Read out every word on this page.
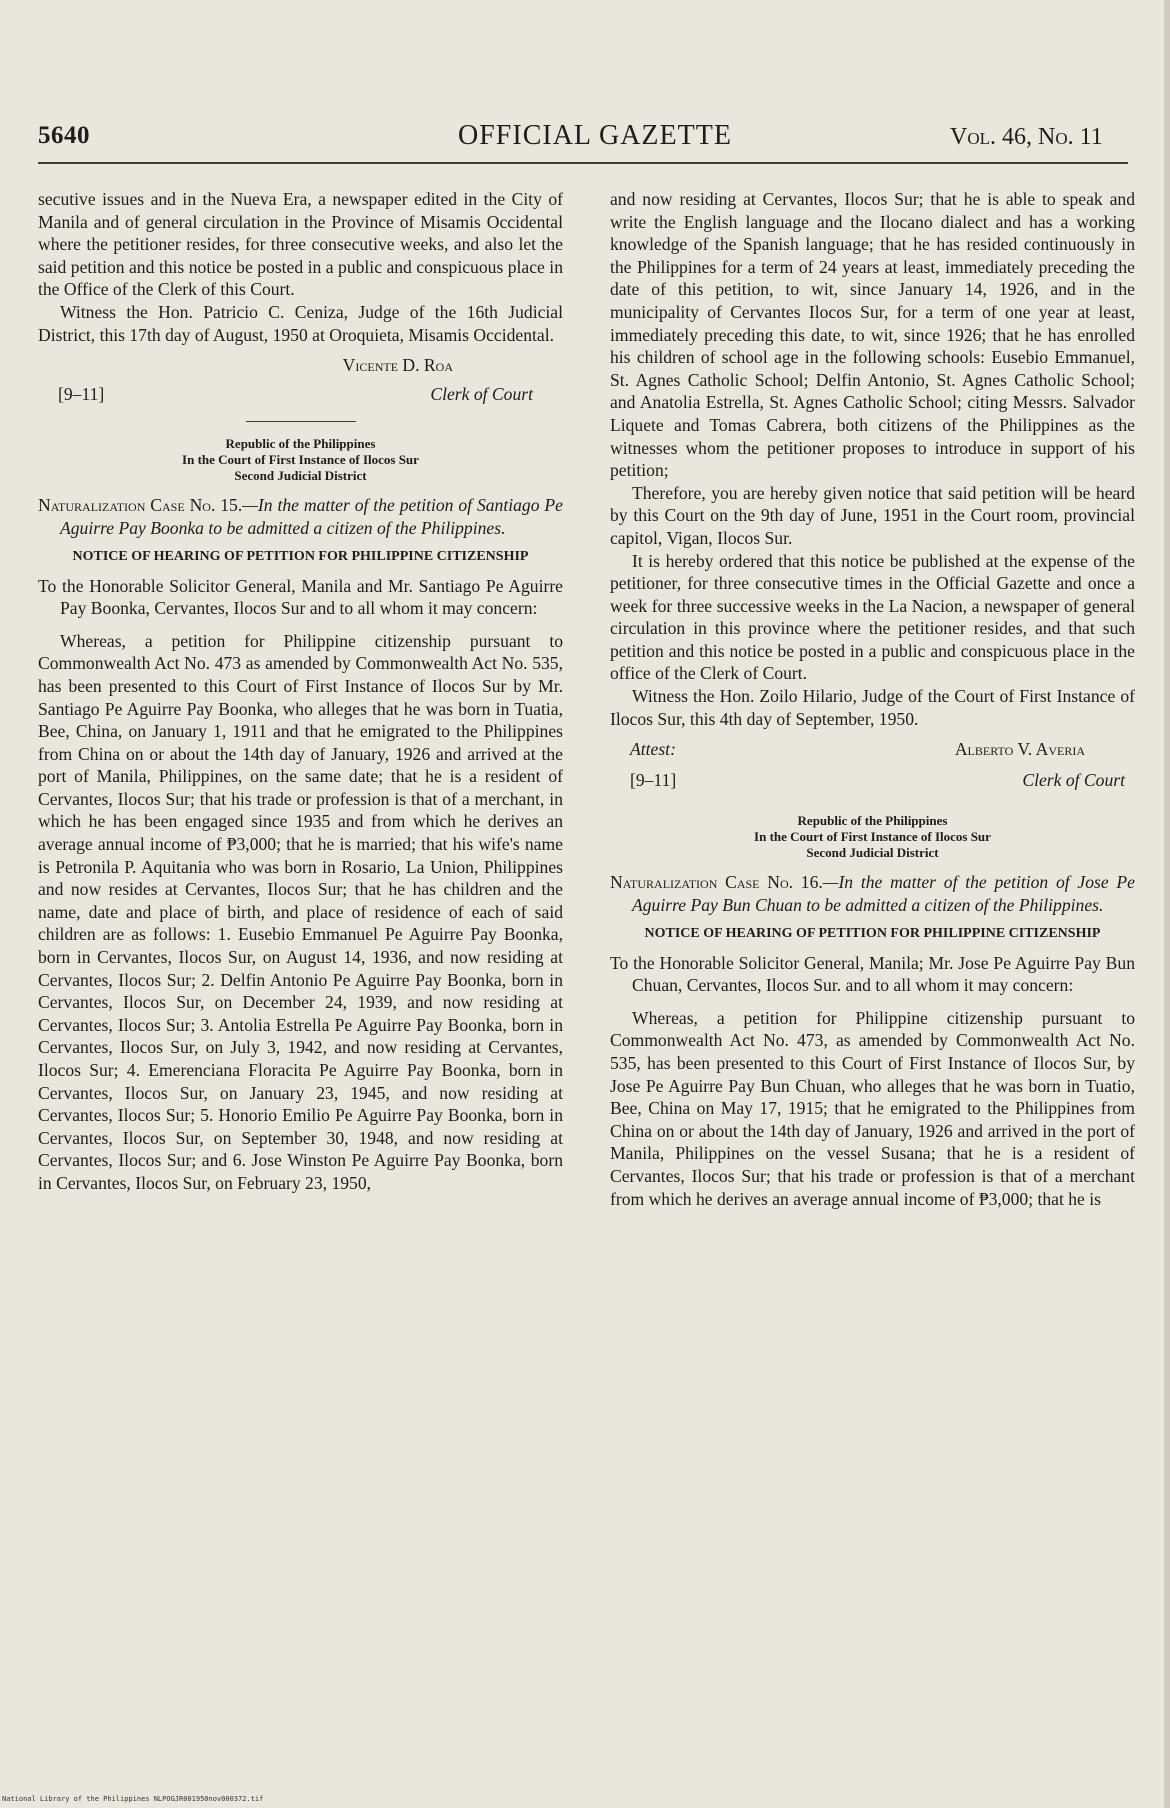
5640	OFFICIAL GAZETTE	Vol. 46, No. 11

secutive issues and in the Nueva Era, a newspaper edited in the City of Manila and of general circulation in the Province of Misamis Occidental where the petitioner resides, for three consecutive weeks, and also let the said petition and this notice be posted in a public and conspicuous place in the Office of the Clerk of this Court.

Witness the Hon. Patricio C. Ceniza, Judge of the 16th Judicial District, this 17th day of August, 1950 at Oroquieta, Misamis Occidental.

Vicente D. Roa
[9–11]	Clerk of Court
Republic of the Philippines
In the Court of First Instance of Ilocos Sur
Second Judicial District

Naturalization Case No. 15.—In the matter of the petition of Santiago Pe Aguirre Pay Boonka to be admitted a citizen of the Philippines.

NOTICE OF HEARING OF PETITION FOR PHILIPPINE CITIZENSHIP

To the Honorable Solicitor General, Manila and Mr. Santiago Pe Aguirre Pay Boonka, Cervantes, Ilocos Sur and to all whom it may concern:

Whereas, a petition for Philippine citizenship pursuant to Commonwealth Act No. 473 as amended by Commonwealth Act No. 535, has been presented to this Court of First Instance of Ilocos Sur by Mr. Santiago Pe Aguirre Pay Boonka, who alleges that he was born in Tuatia, Bee, China, on January 1, 1911 and that he emigrated to the Philippines from China on or about the 14th day of January, 1926 and arrived at the port of Manila, Philippines, on the same date; that he is a resident of Cervantes, Ilocos Sur; that his trade or profession is that of a merchant, in which he has been engaged since 1935 and from which he derives an average annual income of ₱3,000; that he is married; that his wife's name is Petronila P. Aquitania who was born in Rosario, La Union, Philippines and now resides at Cervantes, Ilocos Sur; that he has children and the name, date and place of birth, and place of residence of each of said children are as follows: 1. Eusebio Emmanuel Pe Aguirre Pay Boonka, born in Cervantes, Ilocos Sur, on August 14, 1936, and now residing at Cervantes, Ilocos Sur; 2. Delfin Antonio Pe Aguirre Pay Boonka, born in Cervantes, Ilocos Sur, on December 24, 1939, and now residing at Cervantes, Ilocos Sur; 3. Antolia Estrella Pe Aguirre Pay Boonka, born in Cervantes, Ilocos Sur, on July 3, 1942, and now residing at Cervantes, Ilocos Sur; 4. Emerenciana Floracita Pe Aguirre Pay Boonka, born in Cervantes, Ilocos Sur, on January 23, 1945, and now residing at Cervantes, Ilocos Sur; 5. Honorio Emilio Pe Aguirre Pay Boonka, born in Cervantes, Ilocos Sur, on September 30, 1948, and now residing at Cervantes, Ilocos Sur; and 6. Jose Winston Pe Aguirre Pay Boonka, born in Cervantes, Ilocos Sur, on February 23, 1950,

and now residing at Cervantes, Ilocos Sur; that he is able to speak and write the English language and the Ilocano dialect and has a working knowledge of the Spanish language; that he has resided continuously in the Philippines for a term of 24 years at least, immediately preceding the date of this petition, to wit, since January 14, 1926, and in the municipality of Cervantes Ilocos Sur, for a term of one year at least, immediately preceding this date, to wit, since 1926; that he has enrolled his children of school age in the following schools: Eusebio Emmanuel, St. Agnes Catholic School; Delfin Antonio, St. Agnes Catholic School; and Anatolia Estrella, St. Agnes Catholic School; citing Messrs. Salvador Liquete and Tomas Cabrera, both citizens of the Philippines as the witnesses whom the petitioner proposes to introduce in support of his petition;

Therefore, you are hereby given notice that said petition will be heard by this Court on the 9th day of June, 1951 in the Court room, provincial capitol, Vigan, Ilocos Sur.

It is hereby ordered that this notice be published at the expense of the petitioner, for three consecutive times in the Official Gazette and once a week for three successive weeks in the La Nacion, a newspaper of general circulation in this province where the petitioner resides, and that such petition and this notice be posted in a public and conspicuous place in the office of the Clerk of Court.

Witness the Hon. Zoilo Hilario, Judge of the Court of First Instance of Ilocos Sur, this 4th day of September, 1950.

Attest:	Alberto V. Averia
[9–11]	Clerk of Court
Republic of the Philippines
In the Court of First Instance of Ilocos Sur
Second Judicial District

Naturalization Case No. 16.—In the matter of the petition of Jose Pe Aguirre Pay Bun Chuan to be admitted a citizen of the Philippines.

NOTICE OF HEARING OF PETITION FOR PHILIPPINE CITIZENSHIP

To the Honorable Solicitor General, Manila; Mr. Jose Pe Aguirre Pay Bun Chuan, Cervantes, Ilocos Sur. and to all whom it may concern:

Whereas, a petition for Philippine citizenship pursuant to Commonwealth Act No. 473, as amended by Commonwealth Act No. 535, has been presented to this Court of First Instance of Ilocos Sur, by Jose Pe Aguirre Pay Bun Chuan, who alleges that he was born in Tuatio, Bee, China on May 17, 1915; that he emigrated to the Philippines from China on or about the 14th day of January, 1926 and arrived in the port of Manila, Philippines on the vessel Susana; that he is a resident of Cervantes, Ilocos Sur; that his trade or profession is that of a merchant from which he derives an average annual income of ₱3,000; that he is

National Library of the Philippines NLPOGJR001950nov000372.tif
